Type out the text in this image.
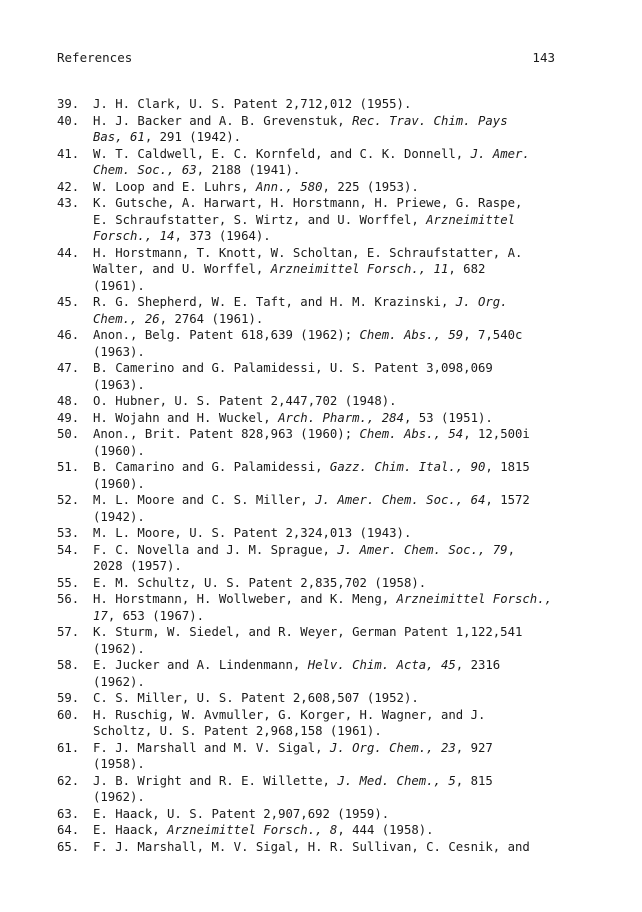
References	143
39.	J. H. Clark, U. S. Patent 2,712,012 (1955).
40.	H. J. Backer and A. B. Grevenstuk, Rec. Trav. Chim. Pays
Bas, 61, 291 (1942).
41.	W. T. Caldwell, E. C. Kornfeld, and C. K. Donnell, J. Amer.
Chem. Soc., 63, 2188 (1941).
42.	W. Loop and E. Luhrs, Ann., 580, 225 (1953).
43.	K. Gutsche, A. Harwart, H. Horstmann, H. Priewe, G. Raspe,
E. Schraufstatter, S. Wirtz, and U. Worffel, Arzneimittel
Forsch., 14, 373 (1964).
44.	H. Horstmann, T. Knott, W. Scholtan, E. Schraufstatter, A.
Walter, and U. Worffel, Arzneimittel Forsch., 11, 682
(1961).
45.	R. G. Shepherd, W. E. Taft, and H. M. Krazinski, J. Org.
Chem., 26, 2764 (1961).
46.	Anon., Belg. Patent 618,639 (1962); Chem. Abs., 59, 7,540c
(1963).
47.	B. Camerino and G. Palamidessi, U. S. Patent 3,098,069
(1963).
48.	O. Hubner, U. S. Patent 2,447,702 (1948).
49.	H. Wojahn and H. Wuckel, Arch. Pharm., 284, 53 (1951).
50.	Anon., Brit. Patent 828,963 (1960); Chem. Abs., 54, 12,500i
(1960).
51.	B. Camarino and G. Palamidessi, Gazz. Chim. Ital., 90, 1815
(1960).
52.	M. L. Moore and C. S. Miller, J. Amer. Chem. Soc., 64, 1572
(1942).
53.	M. L. Moore, U. S. Patent 2,324,013 (1943).
54.	F. C. Novella and J. M. Sprague, J. Amer. Chem. Soc., 79,
2028 (1957).
55.	E. M. Schultz, U. S. Patent 2,835,702 (1958).
56.	H. Horstmann, H. Wollweber, and K. Meng, Arzneimittel Forsch.,
17, 653 (1967).
57.	K. Sturm, W. Siedel, and R. Weyer, German Patent 1,122,541
(1962).
58.	E. Jucker and A. Lindenmann, Helv. Chim. Acta, 45, 2316
(1962).
59.	C. S. Miller, U. S. Patent 2,608,507 (1952).
60.	H. Ruschig, W. Avmuller, G. Korger, H. Wagner, and J.
Scholtz, U. S. Patent 2,968,158 (1961).
61.	F. J. Marshall and M. V. Sigal, J. Org. Chem., 23, 927
(1958).
62.	J. B. Wright and R. E. Willette, J. Med. Chem., 5, 815
(1962).
63.	E. Haack, U. S. Patent 2,907,692 (1959).
64.	E. Haack, Arzneimittel Forsch., 8, 444 (1958).
65.	F. J. Marshall, M. V. Sigal, H. R. Sullivan, C. Cesnik, and
